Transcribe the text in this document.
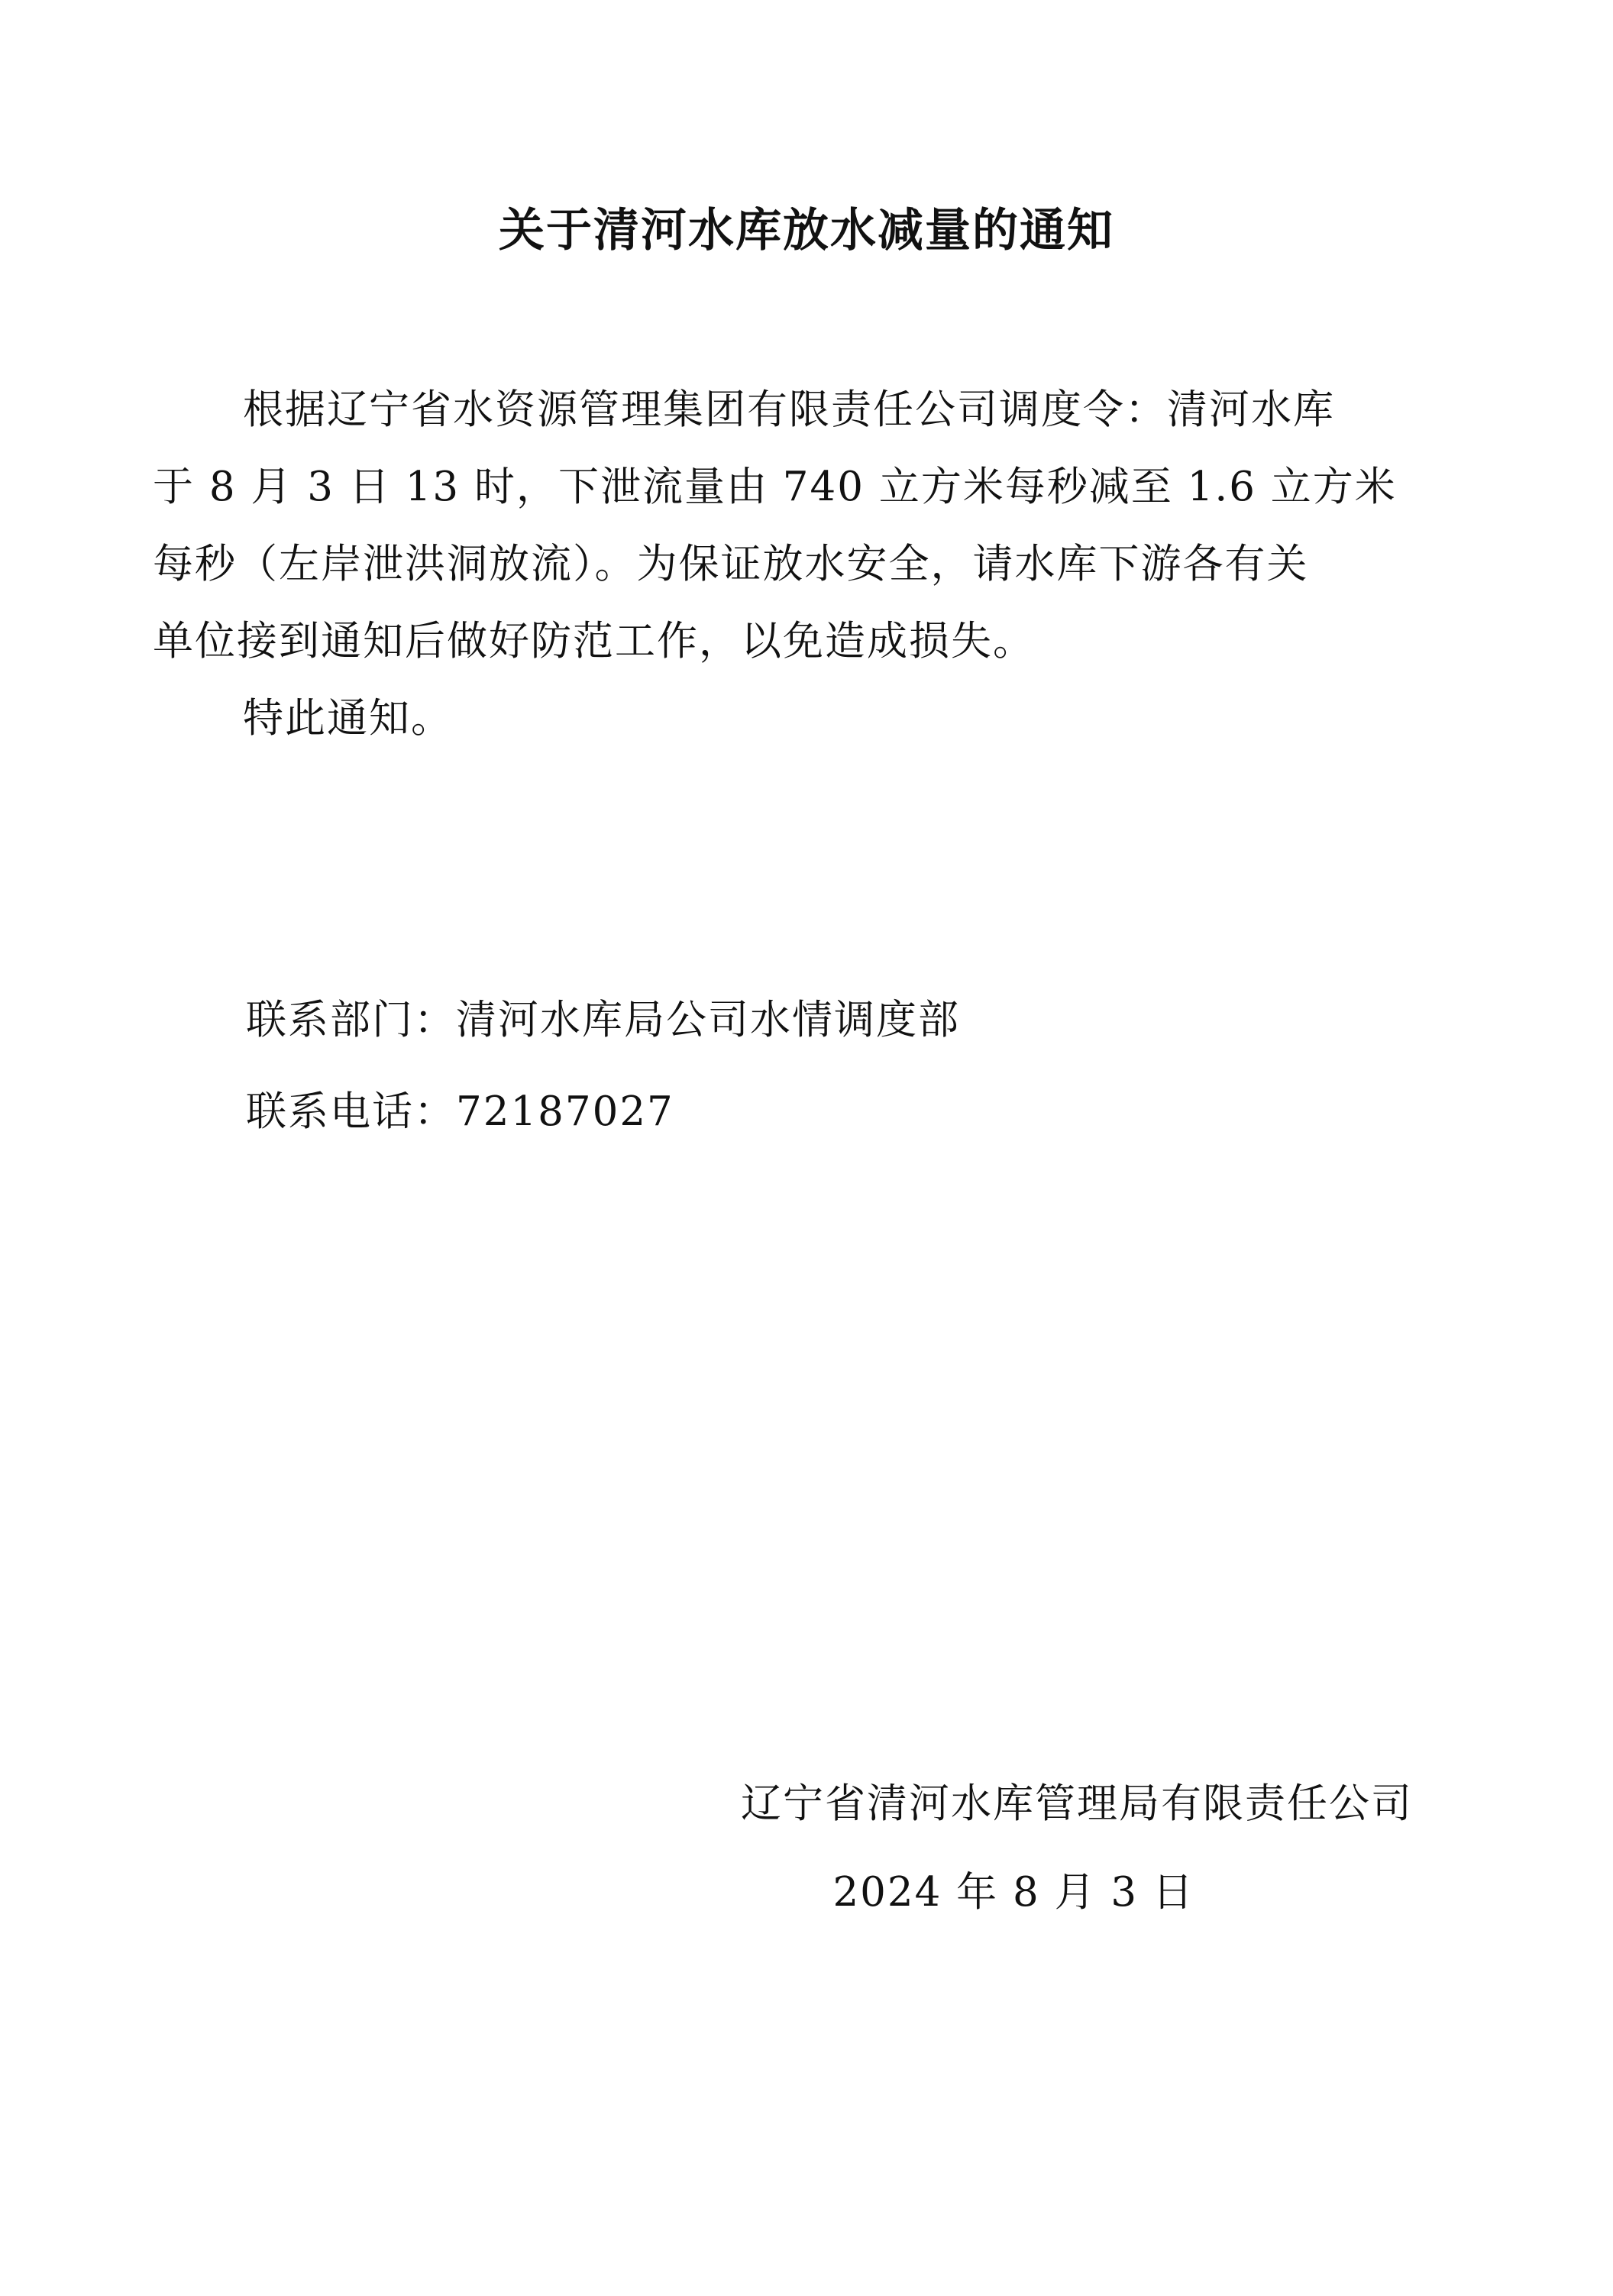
关于清河水库放水减量的通知
根据辽宁省水资源管理集团有限责任公司调度令：清河水库
于 8 月 3 日 13 时，下泄流量由 740 立方米每秒减至 1.6 立方米
每秒（左岸泄洪洞放流）。为保证放水安全，请水库下游各有关
单位接到通知后做好防范工作，以免造成损失。
特此通知。
联系部门：清河水库局公司水情调度部
联系电话：72187027
辽宁省清河水库管理局有限责任公司
2024 年 8 月 3 日
